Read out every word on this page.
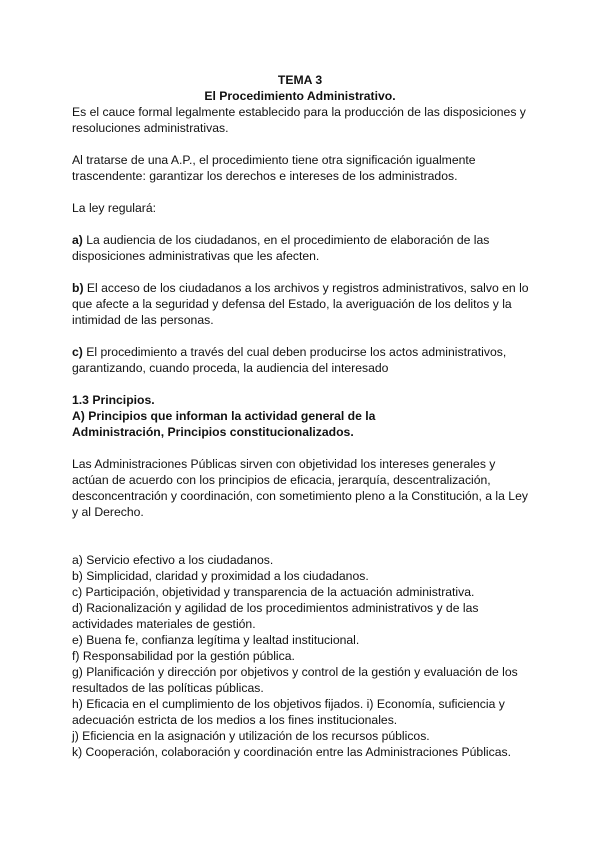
TEMA 3
El Procedimiento Administrativo.

Es el cauce formal legalmente establecido para la producción de las disposiciones y resoluciones administrativas.

Al tratarse de una A.P., el procedimiento tiene otra significación igualmente trascendente: garantizar los derechos e intereses de los administrados.

La ley regulará:

a) La audiencia de los ciudadanos, en el procedimiento de elaboración de las disposiciones administrativas que les afecten.

b) El acceso de los ciudadanos a los archivos y registros administrativos, salvo en lo que afecte a la seguridad y defensa del Estado, la averiguación de los delitos y la intimidad de las personas.

c) El procedimiento a través del cual deben producirse los actos administrativos, garantizando, cuando proceda, la audiencia del interesado

1.3 Principios.

A) Principios que informan la actividad general de la Administración, Principios constitucionalizados.

Las Administraciones Públicas sirven con objetividad los intereses generales y actúan de acuerdo con los principios de eficacia, jerarquía, descentralización, desconcentración y coordinación, con sometimiento pleno a la Constitución, a la Ley y al Derecho.

a) Servicio efectivo a los ciudadanos.
b) Simplicidad, claridad y proximidad a los ciudadanos.
c) Participación, objetividad y transparencia de la actuación administrativa.
d) Racionalización y agilidad de los procedimientos administrativos y de las
actividades materiales de gestión.
e) Buena fe, confianza legítima y lealtad institucional.
f) Responsabilidad por la gestión pública.
g) Planificación y dirección por objetivos y control de la gestión y evaluación de los
resultados de las políticas públicas.
h) Eficacia en el cumplimiento de los objetivos fijados. i) Economía, suficiencia y
adecuación estricta de los medios a los fines institucionales.
j) Eficiencia en la asignación y utilización de los recursos públicos.
k) Cooperación, colaboración y coordinación entre las Administraciones Públicas.
